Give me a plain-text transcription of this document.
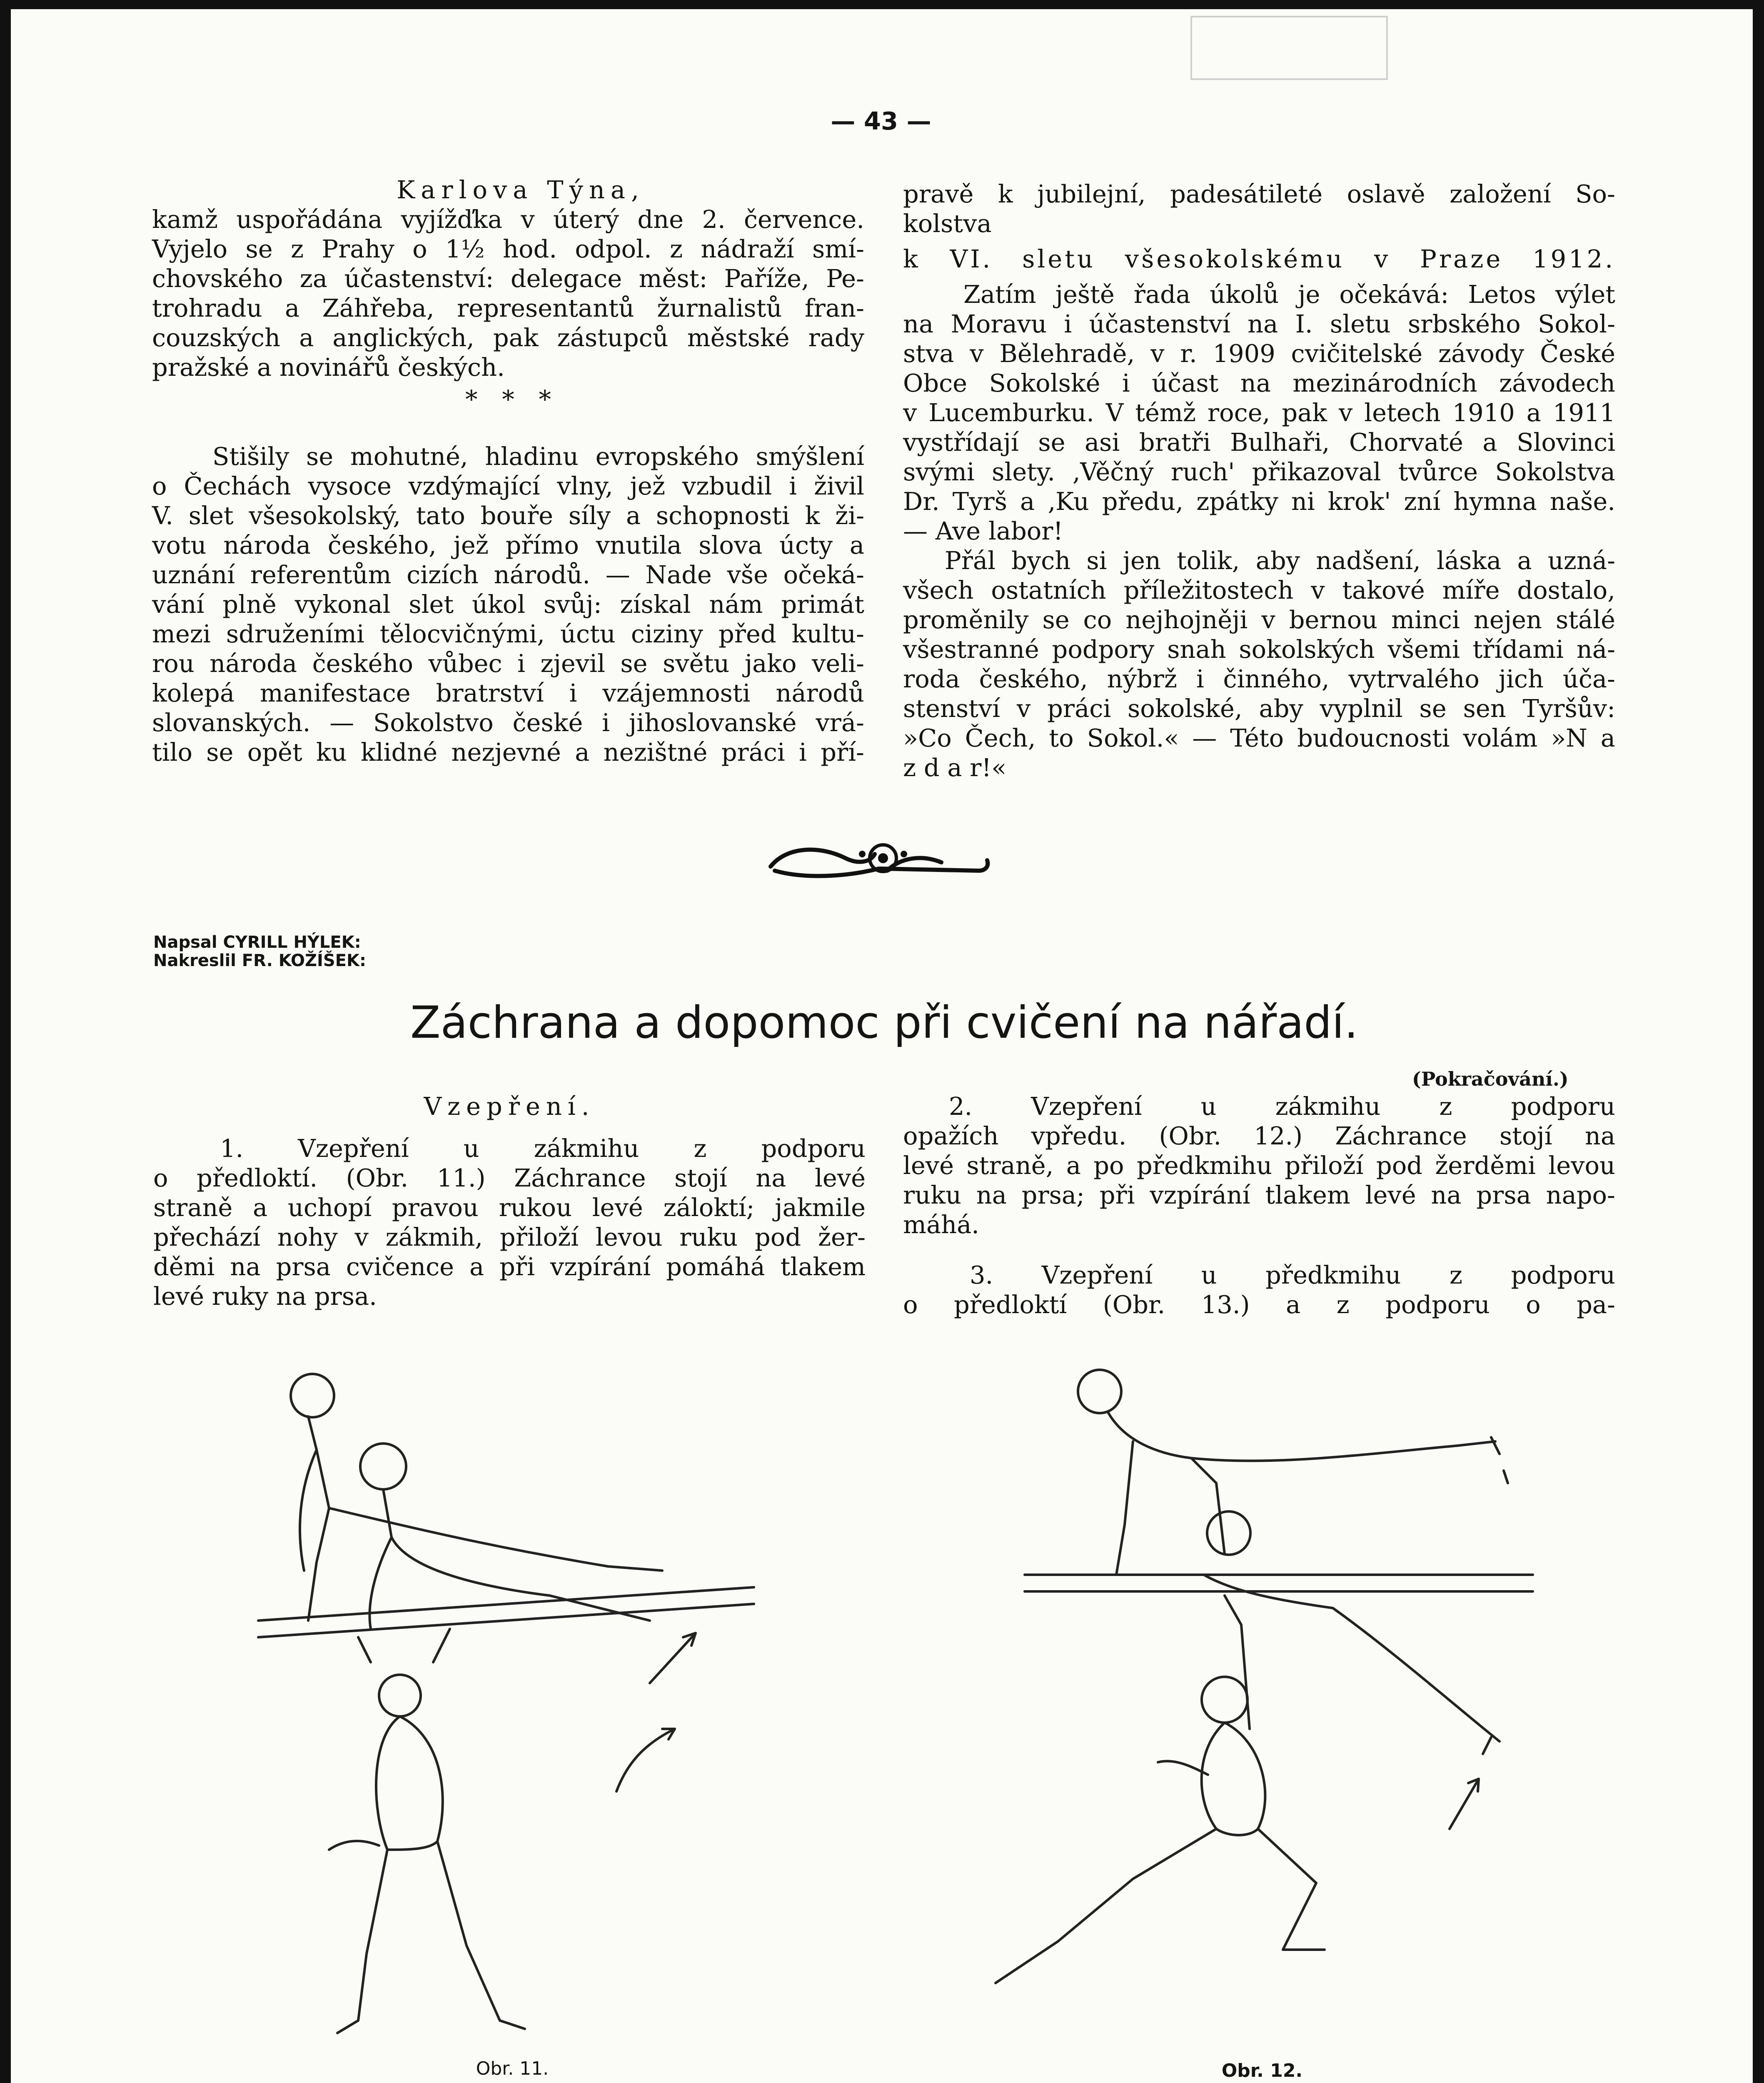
— 43 —
Karlova Týna,

kamž uspořádána vyjížďka v úterý dne 2. července.
Vyjelo se z Prahy o 1½ hod. odpol. z nádraží smí-
chovského za účastenství: delegace měst: Paříže, Pe-
trohradu a Záhřeba, representantů žurnalistů fran-
couzských a anglických, pak zástupců městské rady
pražské a novinářů českých.

* * *

Stišily se mohutné, hladinu evropského smýšlení
o Čechách vysoce vzdýmající vlny, jež vzbudil i živil
V. slet všesokolský, tato bouře síly a schopnosti k ži-
votu národa českého, jež přímo vnutila slova úcty a
uznání referentům cizích národů. — Nade vše očeká-
vání plně vykonal slet úkol svůj: získal nám primát
mezi sdruženími tělocvičnými, úctu ciziny před kultu-
rou národa českého vůbec i zjevil se světu jako veli-
kolepá manifestace bratrství i vzájemnosti národů
slovanských. — Sokolstvo české i jihoslovanské vrá-
tilo se opět ku klidné nezjevné a nezištné práci i pří-

pravě k jubilejní, padesátileté oslavě založení So-
kolstva

k VI. sletu všesokolskému v Praze 1912.

Zatím ještě řada úkolů je očekává: Letos výlet
na Moravu i účastenství na I. sletu srbského Sokol-
stva v Bělehradě, v r. 1909 cvičitelské závody České
Obce Sokolské i účast na mezinárodních závodech
v Lucemburku. V témž roce, pak v letech 1910 a 1911
vystřídají se asi bratři Bulhaři, Chorvaté a Slovinci
svými slety. ‚Věčný ruch' přikazoval tvůrce Sokolstva
Dr. Tyrš a ‚Ku předu, zpátky ni krok' zní hymna naše.
— Ave labor!

Přál bych si jen tolik, aby nadšení, láska a uzná-
všech ostatních příležitostech v takové míře dostalo,
proměnily se co nejhojněji v bernou minci nejen stálé
všestranné podpory snah sokolských všemi třídami ná-
roda českého, nýbrž i činného, vytrvalého jich úča-
stenství v práci sokolské, aby vyplnil se sen Tyršův:
»Co Čech, to Sokol.« — Této budoucnosti volám »N a
z d a r!«

Napsal CYRILL HÝLEK:
Nakreslil FR. KOŽÍŠEK:
Záchrana a dopomoc při cvičení na nářadí.
(Pokračování.)
Vzepření.

1. Vzepření u zákmihu z podporu
o předloktí. (Obr. 11.) Záchrance stojí na levé
straně a uchopí pravou rukou levé záloktí; jakmile
přechází nohy v zákmih, přiloží levou ruku pod žer-
děmi na prsa cvičence a při vzpírání pomáhá tlakem
levé ruky na prsa.

2. Vzepření u zákmihu z podporu
opažích vpředu. (Obr. 12.) Záchrance stojí na
levé straně, a po předkmihu přiloží pod žerděmi levou
ruku na prsa; při vzpírání tlakem levé na prsa napo-
máhá.

3. Vzepření u předkmihu z podporu
o předloktí (Obr. 13.) a z podporu o pa-

Obr. 11.	Obr. 12.
